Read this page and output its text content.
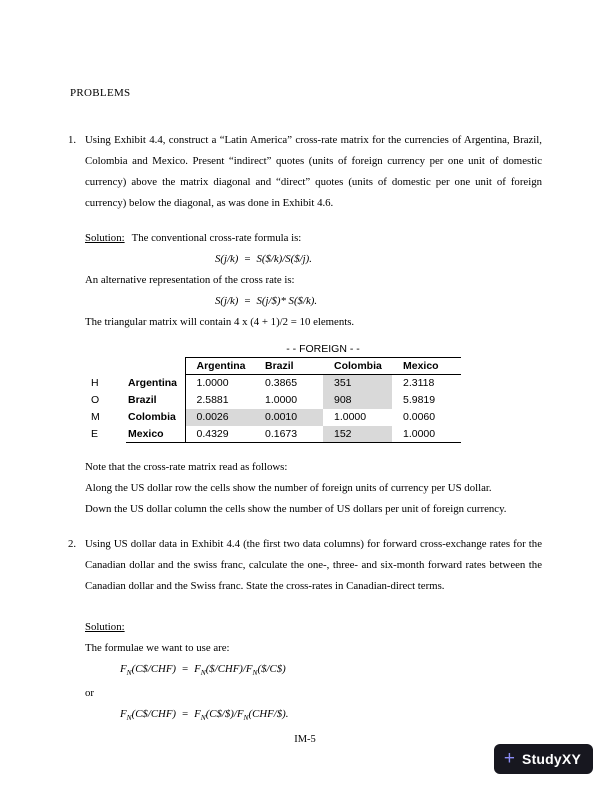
PROBLEMS
1. Using Exhibit 4.4, construct a “Latin America” cross-rate matrix for the currencies of Argentina, Brazil, Colombia and Mexico. Present “indirect” quotes (units of foreign currency per one unit of domestic currency) above the matrix diagonal and “direct” quotes (units of domestic per one unit of foreign currency) below the diagonal, as was done in Exhibit 4.6.
Solution: The conventional cross-rate formula is:
S(j/k)  =  S($/k)/S($/j).
An alternative representation of the cross rate is:
S(j/k)  =  S(j/$)* S($/k).
The triangular matrix will contain 4 x (4 + 1)/2 = 10 elements.
		- - FOREIGN - -			
		Argentina	Brazil	Colombia	Mexico
H	Argentina	1.0000	0.3865	351	2.3118
O	Brazil	2.5881	1.0000	908	5.9819
M	Colombia	0.0026	0.0010	1.0000	0.0060
E	Mexico	0.4329	0.1673	152	1.0000
Note that the cross-rate matrix read as follows:
Along the US dollar row the cells show the number of foreign units of currency per US dollar.
Down the US dollar column the cells show the number of US dollars per unit of foreign currency.
2. Using US dollar data in Exhibit 4.4 (the first two data columns) for forward cross-exchange rates for the Canadian dollar and the swiss franc, calculate the one-, three- and six-month forward rates between the Canadian dollar and the Swiss franc. State the cross-rates in Canadian-direct terms.
Solution:
The formulae we want to use are:
$F_N(C\$/CHF)$  =  $F_N(\$/CHF)/F_N(\$/C\$)$
or
$F_N(C\$/CHF)$  =  $F_N(C\$/\$)/F_N(CHF/\$)$.
IM-5
+ StudyXY
